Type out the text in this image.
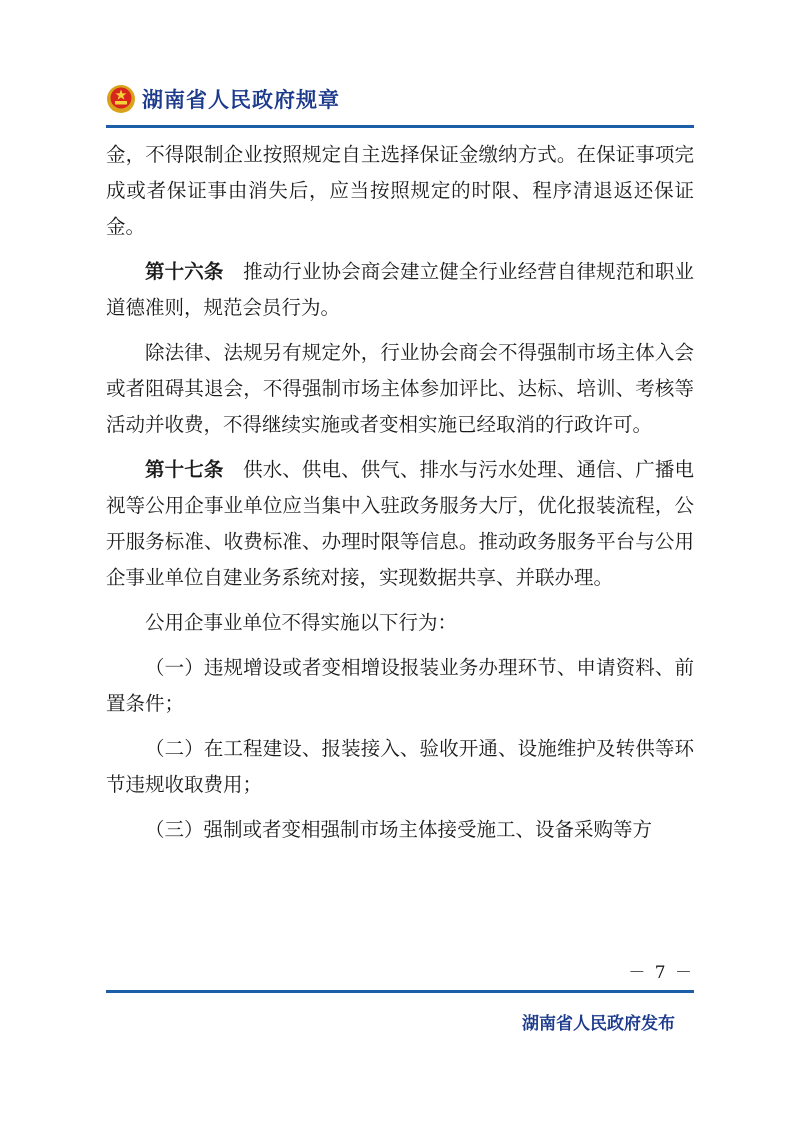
湖南省人民政府规章

金，不得限制企业按照规定自主选择保证金缴纳方式。在保证事项完成或者保证事由消失后，应当按照规定的时限、程序清退返还保证金。

第十六条　 推动行业协会商会建立健全行业经营自律规范和职业道德准则，规范会员行为。

除法律、法规另有规定外，行业协会商会不得强制市场主体入会或者阻碍其退会，不得强制市场主体参加评比、达标、培训、考核等活动并收费，不得继续实施或者变相实施已经取消的行政许可。

第十七条　 供水、供电、供气、排水与污水处理、通信、广播电视等公用企事业单位应当集中入驻政务服务大厅，优化报装流程，公开服务标准、收费标准、办理时限等信息。推动政务服务平台与公用企事业单位自建业务系统对接，实现数据共享、并联办理。

公用企事业单位不得实施以下行为：

（一）违规增设或者变相增设报装业务办理环节、申请资料、前置条件；

（二）在工程建设、报装接入、验收开通、设施维护及转供等环节违规收取费用；

（三）强制或者变相强制市场主体接受施工、设备采购等方

－ 7 －
湖南省人民政府发布
